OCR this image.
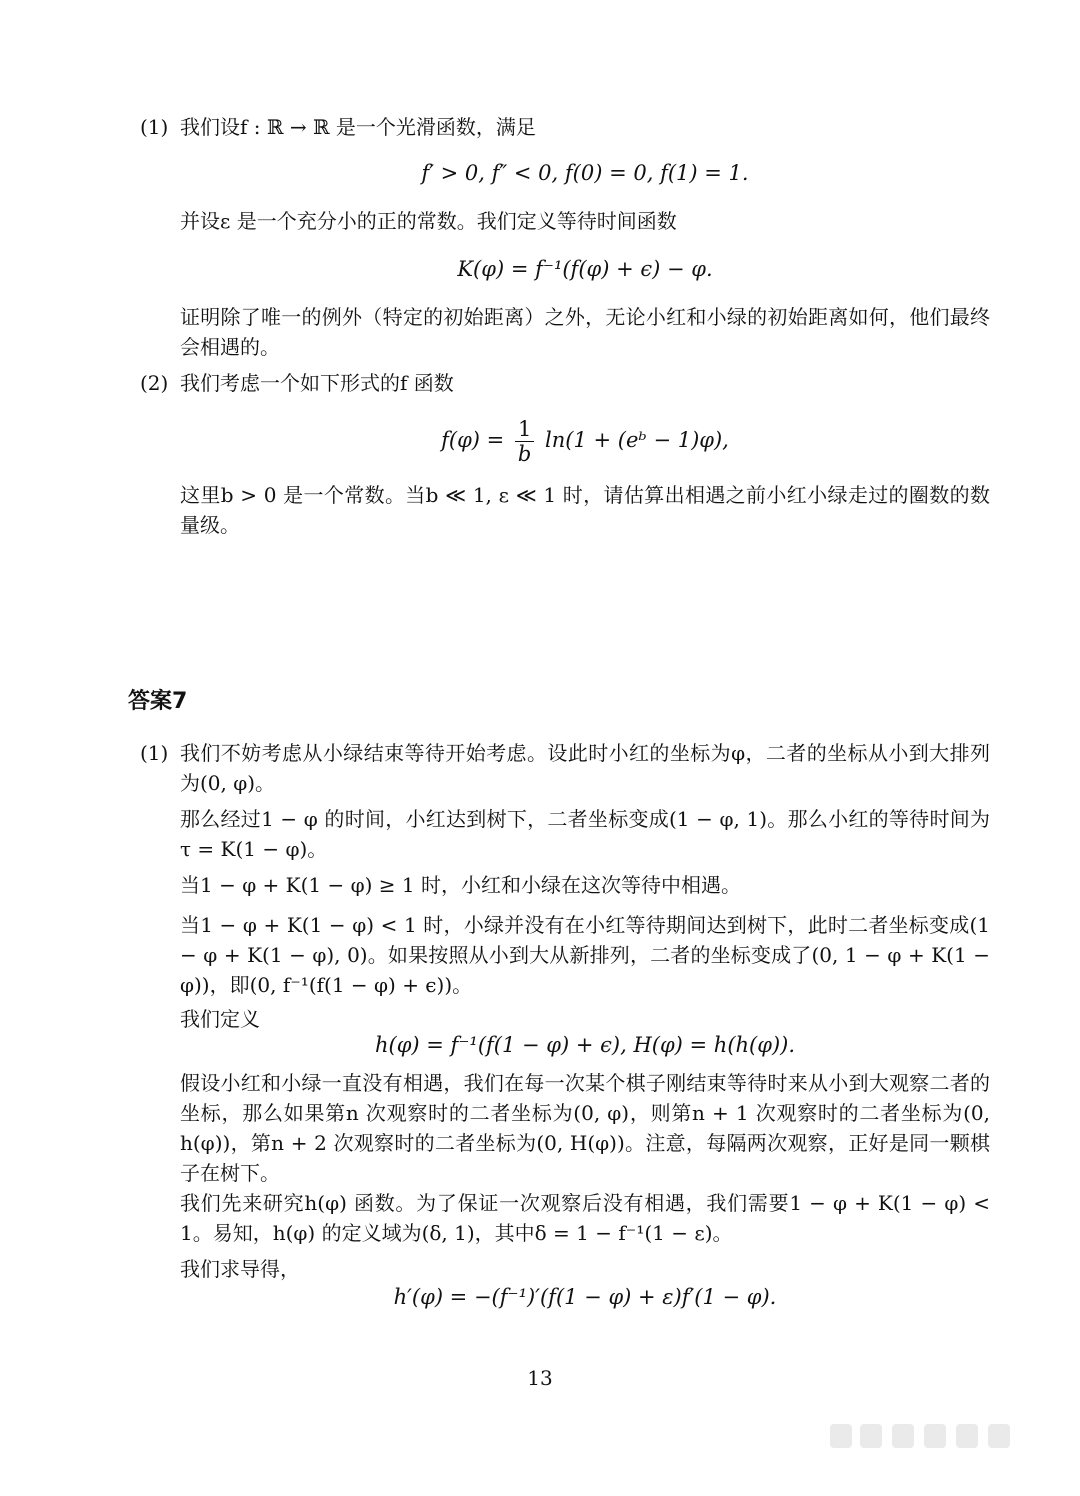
(1) 我们设f : ℝ → ℝ 是一个光滑函数，满足
f′ > 0, f″ < 0, f(0) = 0, f(1) = 1.
并设ε 是一个充分小的正的常数。我们定义等待时间函数
K(φ) = f⁻¹(f(φ) + ϵ) − φ.
证明除了唯一的例外（特定的初始距离）之外，无论小红和小绿的初始距离如何，他们最终会相遇的。
(2) 我们考虑一个如下形式的f 函数
$f(\varphi) = \frac{1}{b} \ln(1$ + (eᵇ − 1)φ),
这里b > 0 是一个常数。当b ≪ 1, ε ≪ 1 时，请估算出相遇之前小红小绿走过的圈数的数量级。
答案7
(1) 我们不妨考虑从小绿结束等待开始考虑。设此时小红的坐标为φ，二者的坐标从小到大排列为(0, φ)。
那么经过1 − φ 的时间，小红达到树下，二者坐标变成(1 − φ, 1)。那么小红的等待时间为τ = K(1 − φ)。
当1 − φ + K(1 − φ) ≥ 1 时，小红和小绿在这次等待中相遇。
当1 − φ + K(1 − φ) < 1 时，小绿并没有在小红等待期间达到树下，此时二者坐标变成(1 − φ + K(1 − φ), 0)。如果按照从小到大从新排列，二者的坐标变成了(0, 1 − φ + K(1 − φ))，即(0, f⁻¹(f(1 − φ) + ϵ))。
我们定义
h(φ) = f⁻¹(f(1 − φ) + ϵ), H(φ) = h(h(φ)).
假设小红和小绿一直没有相遇，我们在每一次某个棋子刚结束等待时来从小到大观察二者的坐标，那么如果第n 次观察时的二者坐标为(0, φ)，则第n + 1 次观察时的二者坐标为(0, h(φ))，第n + 2 次观察时的二者坐标为(0, H(φ))。注意，每隔两次观察，正好是同一颗棋子在树下。
我们先来研究h(φ) 函数。为了保证一次观察后没有相遇，我们需要1 − φ + K(1 − φ) < 1。易知，h(φ) 的定义域为(δ, 1)，其中δ = 1 − f⁻¹(1 − ε)。
我们求导得，
h′(φ) = −(f⁻¹)′(f(1 − φ) + ε)f′(1 − φ).
13
